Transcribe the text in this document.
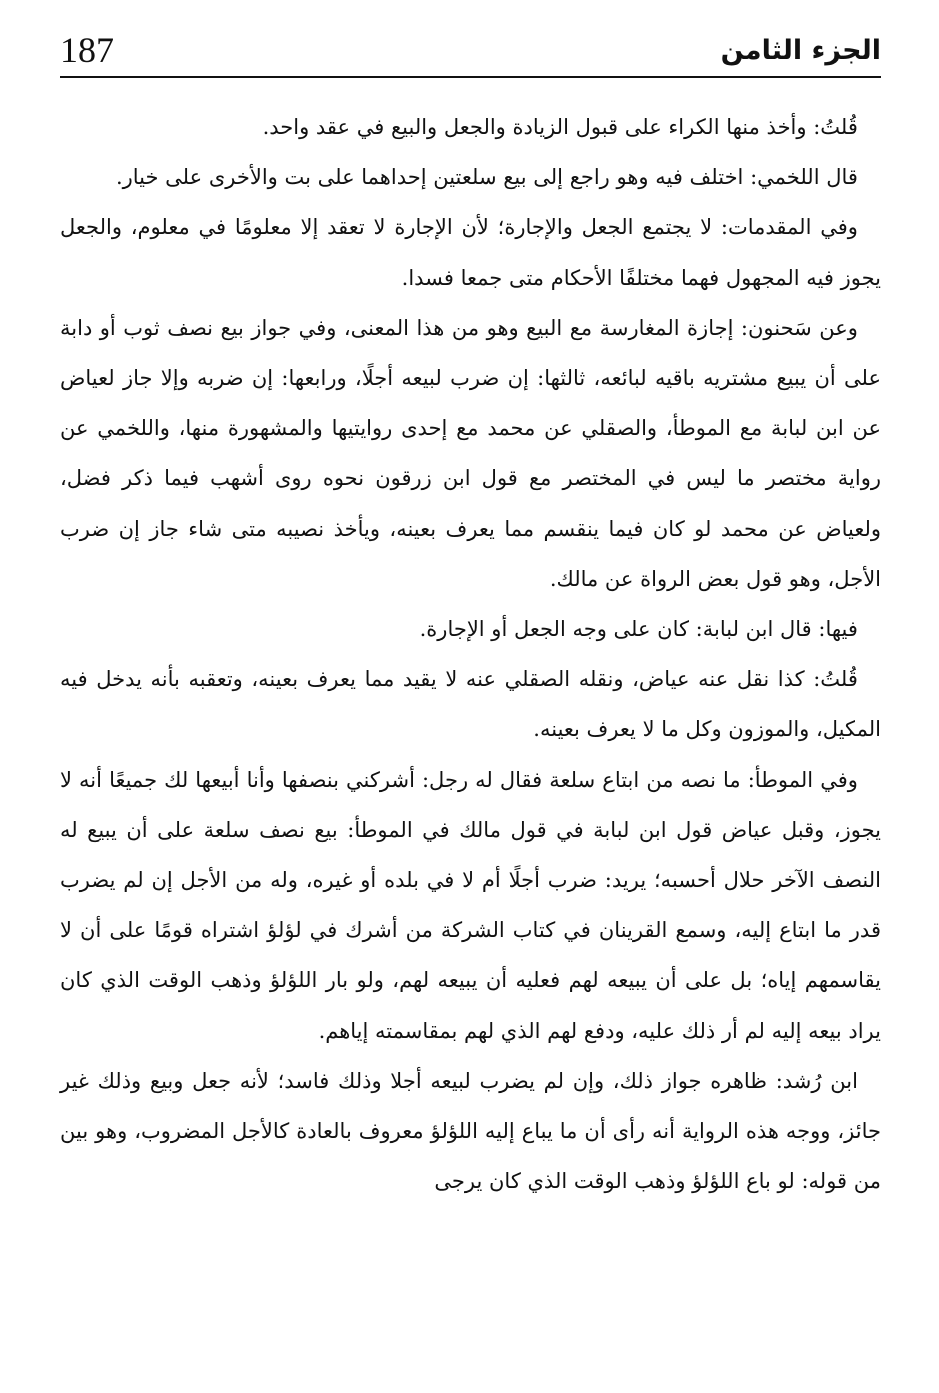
187	الجزء الثامن

قُلتُ: وأخذ منها الكراء على قبول الزيادة والجعل والبيع في عقد واحد.

قال اللخمي: اختلف فيه وهو راجع إلى بيع سلعتين إحداهما على بت والأخرى على خيار.

وفي المقدمات: لا يجتمع الجعل والإجارة؛ لأن الإجارة لا تعقد إلا معلومًا في معلوم، والجعل يجوز فيه المجهول فهما مختلفًا الأحكام متى جمعا فسدا.

وعن سَحنون: إجازة المغارسة مع البيع وهو من هذا المعنى، وفي جواز بيع نصف ثوب أو دابة على أن يبيع مشتريه باقيه لبائعه، ثالثها: إن ضرب لبيعه أجلًا، ورابعها: إن ضربه وإلا جاز لعياض عن ابن لبابة مع الموطأ، والصقلي عن محمد مع إحدى روايتيها والمشهورة منها، واللخمي عن رواية مختصر ما ليس في المختصر مع قول ابن زرقون نحوه روى أشهب فيما ذكر فضل، ولعياض عن محمد لو كان فيما ينقسم مما يعرف بعينه، ويأخذ نصيبه متى شاء جاز إن ضرب الأجل، وهو قول بعض الرواة عن مالك.

فيها: قال ابن لبابة: كان على وجه الجعل أو الإجارة.

قُلتُ: كذا نقل عنه عياض، ونقله الصقلي عنه لا يقيد مما يعرف بعينه، وتعقبه بأنه يدخل فيه المكيل، والموزون وكل ما لا يعرف بعينه.

وفي الموطأ: ما نصه من ابتاع سلعة فقال له رجل: أشركني بنصفها وأنا أبيعها لك جميعًا أنه لا يجوز، وقبل عياض قول ابن لبابة في قول مالك في الموطأ: بيع نصف سلعة على أن يبيع له النصف الآخر حلال أحسبه؛ يريد: ضرب أجلًا أم لا في بلده أو غيره، وله من الأجل إن لم يضرب قدر ما ابتاع إليه، وسمع القرينان في كتاب الشركة من أشرك في لؤلؤ اشتراه قومًا على أن لا يقاسمهم إياه؛ بل على أن يبيعه لهم فعليه أن يبيعه لهم، ولو بار اللؤلؤ وذهب الوقت الذي كان يراد بيعه إليه لم أر ذلك عليه، ودفع لهم الذي لهم بمقاسمته إياهم.

ابن رُشد: ظاهره جواز ذلك، وإن لم يضرب لبيعه أجلا وذلك فاسد؛ لأنه جعل وبيع وذلك غير جائز، ووجه هذه الرواية أنه رأى أن ما يباع إليه اللؤلؤ معروف بالعادة كالأجل المضروب، وهو بين من قوله: لو باع اللؤلؤ وذهب الوقت الذي كان يرجى
